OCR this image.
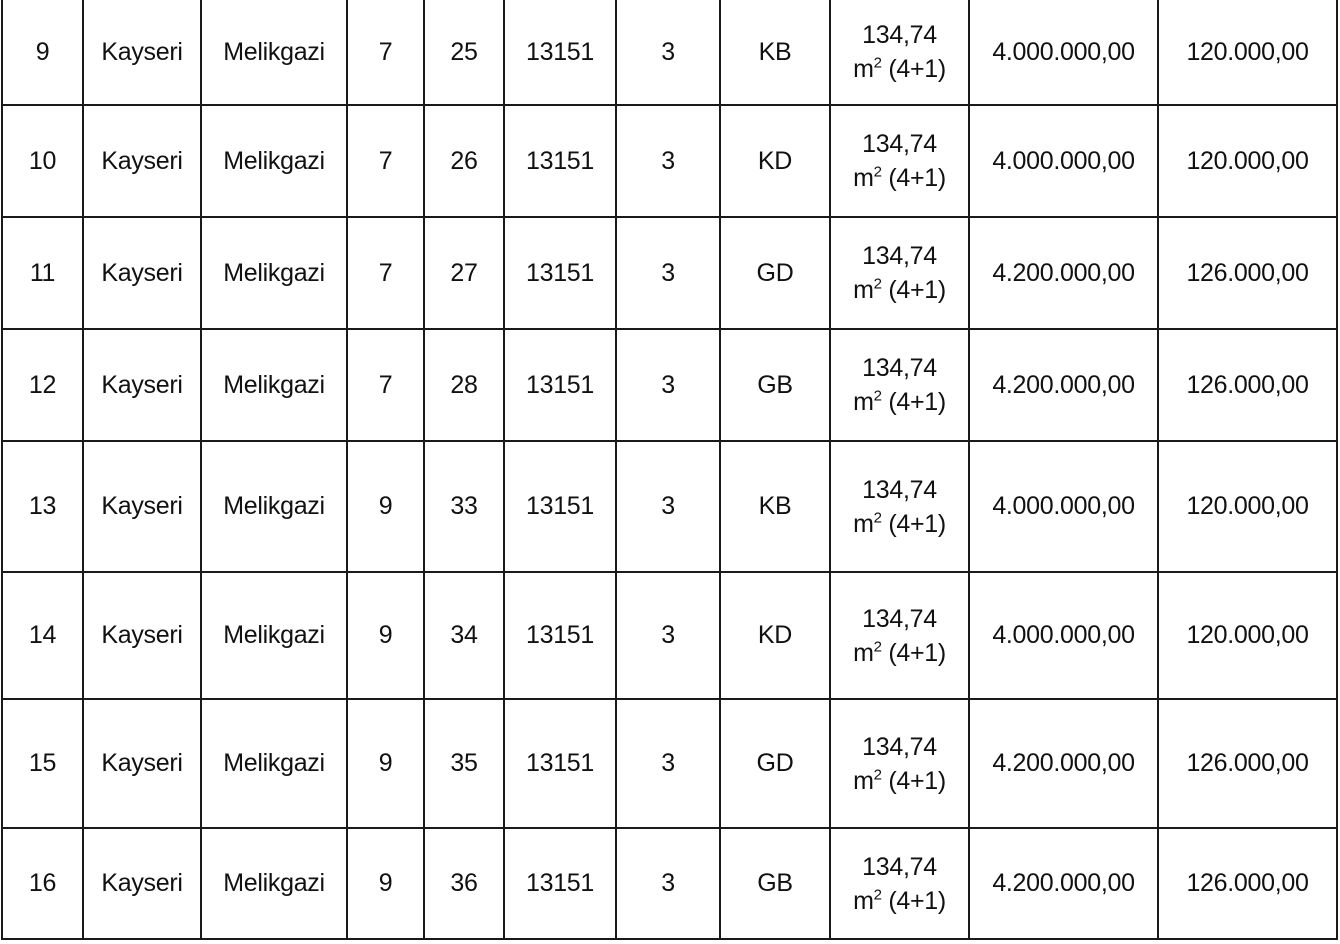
9	Kayseri	Melikgazi	7	25	13151	3	KB	134,74
$m^2$ (4+1)	4.000.000,00	120.000,00
10	Kayseri	Melikgazi	7	26	13151	3	KD	134,74
$m^2$ (4+1)	4.000.000,00	120.000,00
11	Kayseri	Melikgazi	7	27	13151	3	GD	134,74
$m^2$ (4+1)	4.200.000,00	126.000,00
12	Kayseri	Melikgazi	7	28	13151	3	GB	134,74
$m^2$ (4+1)	4.200.000,00	126.000,00
13	Kayseri	Melikgazi	9	33	13151	3	KB	134,74
$m^2$ (4+1)	4.000.000,00	120.000,00
14	Kayseri	Melikgazi	9	34	13151	3	KD	134,74
$m^2$ (4+1)	4.000.000,00	120.000,00
15	Kayseri	Melikgazi	9	35	13151	3	GD	134,74
$m^2$ (4+1)	4.200.000,00	126.000,00
16	Kayseri	Melikgazi	9	36	13151	3	GB	134,74
$m^2$ (4+1)	4.200.000,00	126.000,00
